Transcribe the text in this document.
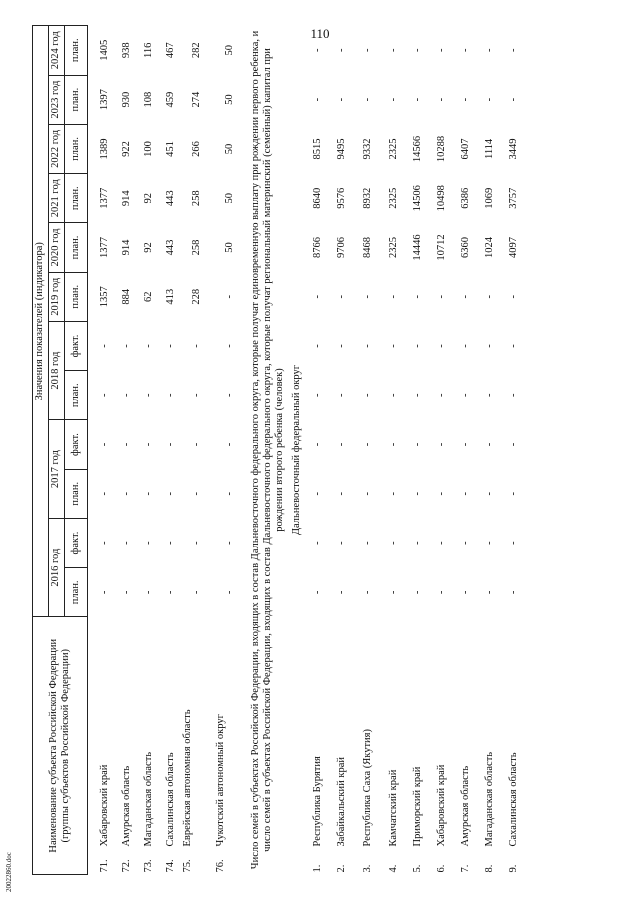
110
20022860.doc
Наименование субъекта Российской Федерации (группы субъектов Российской Федерации)	Значения показателей (индикатора)											
	2016 год		2017 год		2018 год		2019 год	2020 год	2021 год	2022 год	2023 год	2024 год
	план.	факт.	план.	факт.	план.	факт.	план.	план.	план.	план.	план.	план.

71.Хабаровский край	-	-	-	-	-	-	1357	1377	1377	1389	1397	1405
72.Амурская область	-	-	-	-	-	-	884	914	914	922	930	938
73.Магаданская область	-	-	-	-	-	-	62	92	92	100	108	116
74.Сахалинская область	-	-	-	-	-	-	413	443	443	451	459	467
75.Еврейская автономная область	-	-	-	-	-	-	228	258	258	266	274	282

76.Чукотский автономный округ	-	-	-	-	-	-	-	50	50	50	50	50

Число семей в субъектах Российской Федерации, входящих в состав Дальневосточного федерального округа, которые получат единовременную выплату при рождении первого ребенка, и число семей в субъектах Российской Федерации, входящих в состав Дальневосточного федерального округа, которые получат региональный материнский (семейный) капитал при рождении второго ребенка (человек)												
Дальневосточный федеральный округ												
1.Республика Бурятия	-	-	-	-	-	-	-	8766	8640	8515	-	-
2.Забайкальский край	-	-	-	-	-	-	-	9706	9576	9495	-	-
3.Республика Саха (Якутия)	-	-	-	-	-	-	-	8468	8932	9332	-	-
4.Камчатский край	-	-	-	-	-	-	-	2325	2325	2325	-	-
5.Приморский край	-	-	-	-	-	-	-	14446	14506	14566	-	-
6.Хабаровский край	-	-	-	-	-	-	-	10712	10498	10288	-	-
7.Амурская область	-	-	-	-	-	-	-	6360	6386	6407	-	-
8.Магаданская область	-	-	-	-	-	-	-	1024	1069	1114	-	-
9.Сахалинская область	-	-	-	-	-	-	-	4097	3757	3449	-	-
